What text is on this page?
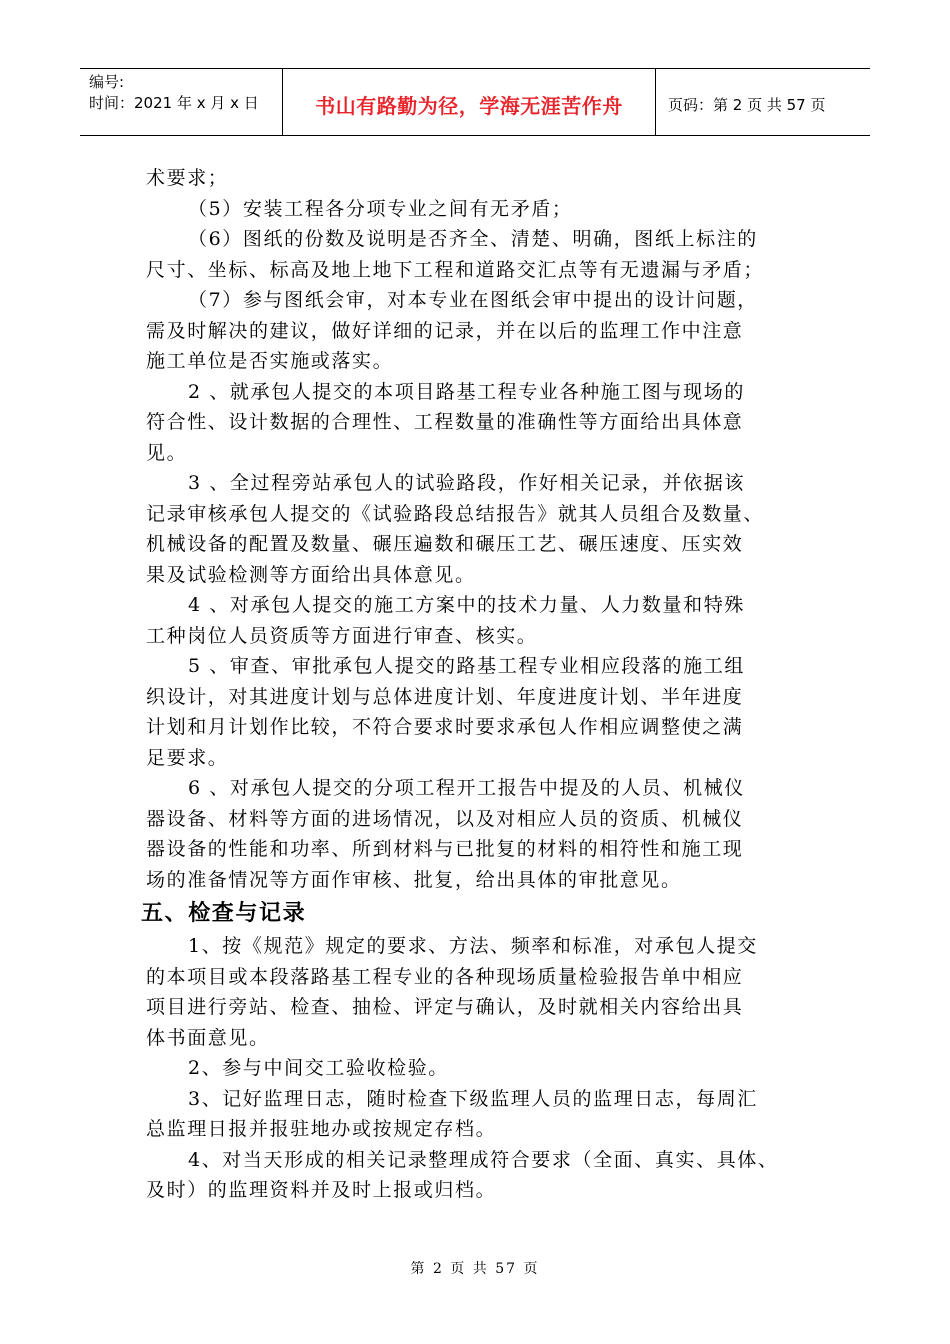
编号:
时间：2021 年 x 月 x 日	书山有路勤为径，学海无涯苦作舟	页码：第 2 页 共 57 页

术要求；

（5）安装工程各分项专业之间有无矛盾；

（6）图纸的份数及说明是否齐全、清楚、明确，图纸上标注的

尺寸、坐标、标高及地上地下工程和道路交汇点等有无遗漏与矛盾；

（7）参与图纸会审，对本专业在图纸会审中提出的设计问题，

需及时解决的建议，做好详细的记录，并在以后的监理工作中注意

施工单位是否实施或落实。

2 、就承包人提交的本项目路基工程专业各种施工图与现场的

符合性、设计数据的合理性、工程数量的准确性等方面给出具体意

见。

3 、全过程旁站承包人的试验路段，作好相关记录，并依据该

记录审核承包人提交的《试验路段总结报告》就其人员组合及数量、

机械设备的配置及数量、碾压遍数和碾压工艺、碾压速度、压实效

果及试验检测等方面给出具体意见。

4 、对承包人提交的施工方案中的技术力量、人力数量和特殊

工种岗位人员资质等方面进行审查、核实。

5 、审查、审批承包人提交的路基工程专业相应段落的施工组

织设计，对其进度计划与总体进度计划、年度进度计划、半年进度

计划和月计划作比较，不符合要求时要求承包人作相应调整使之满

足要求。

6 、对承包人提交的分项工程开工报告中提及的人员、机械仪

器设备、材料等方面的进场情况，以及对相应人员的资质、机械仪

器设备的性能和功率、所到材料与已批复的材料的相符性和施工现

场的准备情况等方面作审核、批复，给出具体的审批意见。

五、检查与记录

1、按《规范》规定的要求、方法、频率和标准，对承包人提交

的本项目或本段落路基工程专业的各种现场质量检验报告单中相应

项目进行旁站、检查、抽检、评定与确认，及时就相关内容给出具

体书面意见。

2、参与中间交工验收检验。

3、记好监理日志，随时检查下级监理人员的监理日志，每周汇

总监理日报并报驻地办或按规定存档。

4、对当天形成的相关记录整理成符合要求（全面、真实、具体、

及时）的监理资料并及时上报或归档。

第 2 页 共 57 页
